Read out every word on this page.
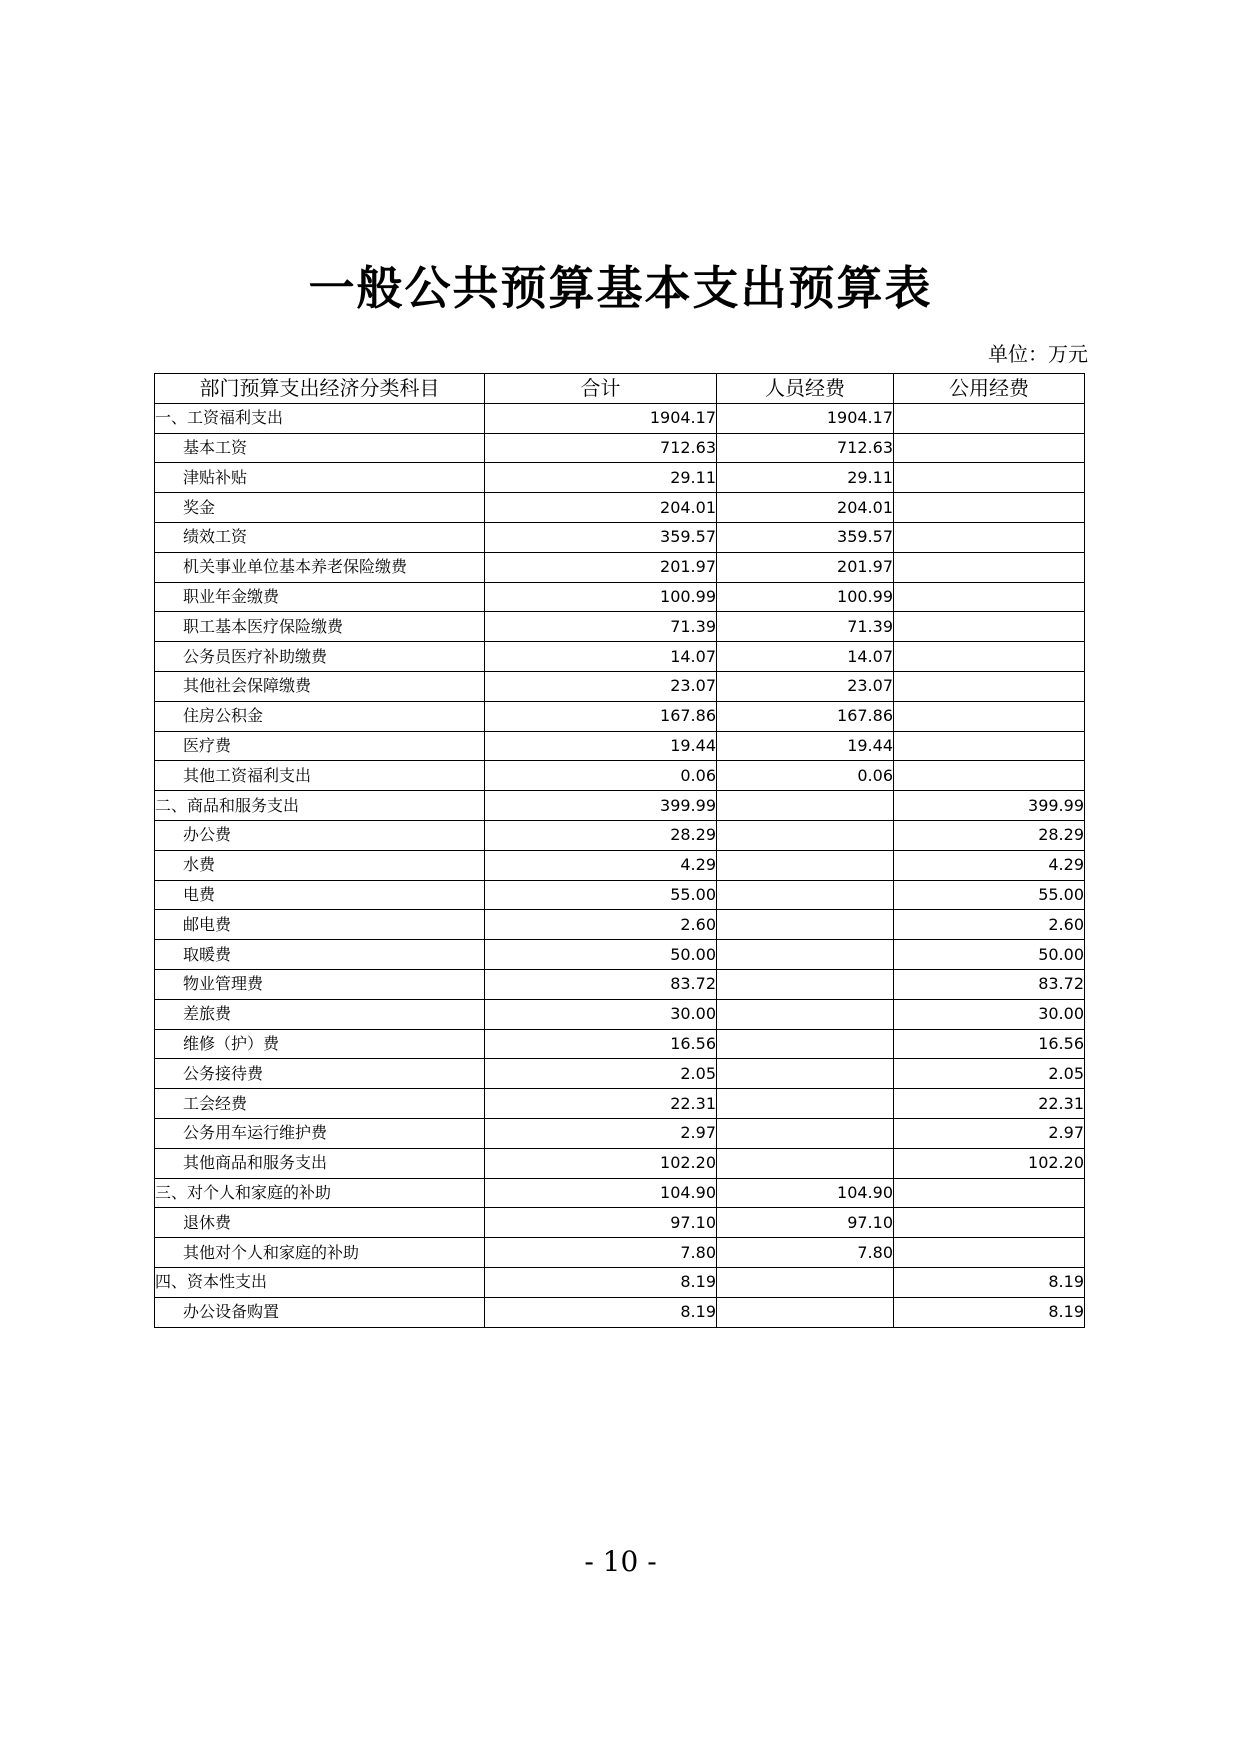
一般公共预算基本支出预算表
单位：万元
部门预算支出经济分类科目	合计	人员经费	公用经费
一、工资福利支出	1904.17	1904.17	
基本工资	712.63	712.63	
津贴补贴	29.11	29.11	
奖金	204.01	204.01	
绩效工资	359.57	359.57	
机关事业单位基本养老保险缴费	201.97	201.97	
职业年金缴费	100.99	100.99	
职工基本医疗保险缴费	71.39	71.39	
公务员医疗补助缴费	14.07	14.07	
其他社会保障缴费	23.07	23.07	
住房公积金	167.86	167.86	
医疗费	19.44	19.44	
其他工资福利支出	0.06	0.06	
二、商品和服务支出	399.99		399.99
办公费	28.29		28.29
水费	4.29		4.29
电费	55.00		55.00
邮电费	2.60		2.60
取暖费	50.00		50.00
物业管理费	83.72		83.72
差旅费	30.00		30.00
维修（护）费	16.56		16.56
公务接待费	2.05		2.05
工会经费	22.31		22.31
公务用车运行维护费	2.97		2.97
其他商品和服务支出	102.20		102.20
三、对个人和家庭的补助	104.90	104.90	
退休费	97.10	97.10	
其他对个人和家庭的补助	7.80	7.80	
四、资本性支出	8.19		8.19
办公设备购置	8.19		8.19
- 10 -
